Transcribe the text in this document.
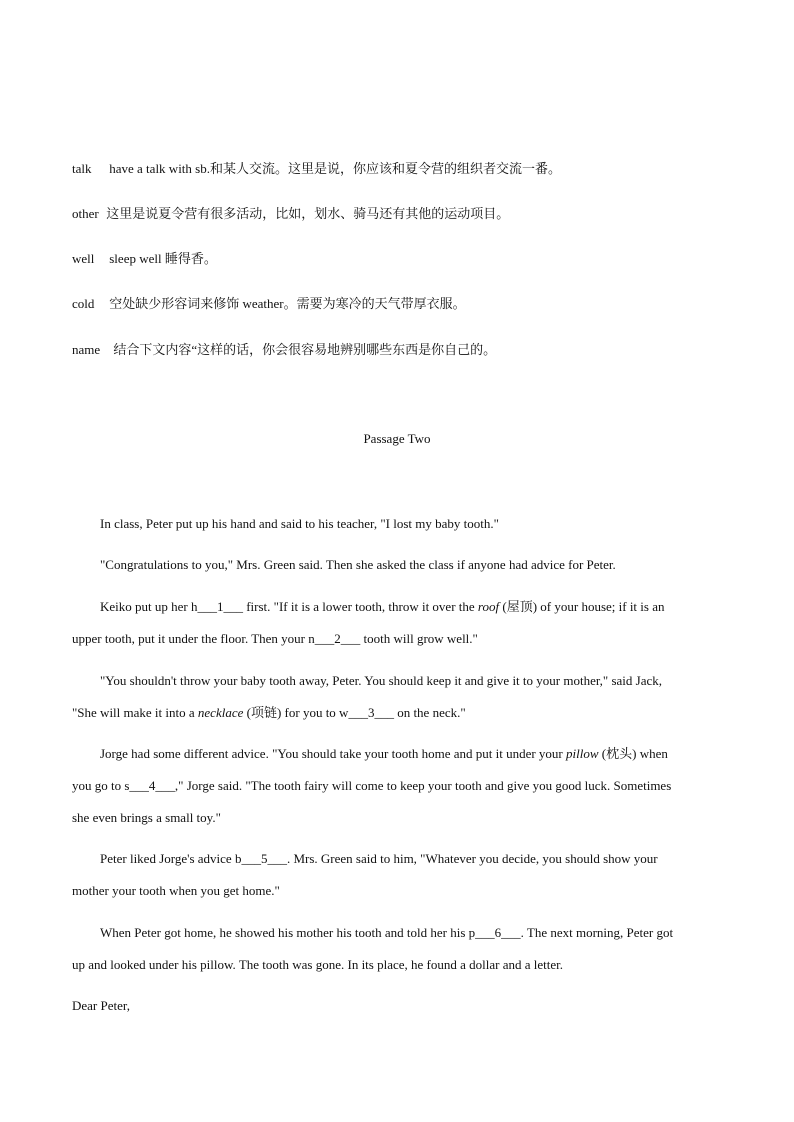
talk have a talk with sb.和某人交流。这里是说，你应该和夏令营的组织者交流一番。
other 这里是说夏令营有很多活动，比如，划水、骑马还有其他的运动项目。
well sleep well 睡得香。
cold 空处缺少形容词来修饰 weather。需要为寒冷的天气带厚衣服。
name 结合下文内容“这样的话，你会很容易地辨别哪些东西是你自己的。
Passage Two
In class, Peter put up his hand and said to his teacher, "I lost my baby tooth."
"Congratulations to you," Mrs. Green said. Then she asked the class if anyone had advice for Peter.
Keiko put up her h___1___ first. "If it is a lower tooth, throw it over the roof (屋顶) of your house; if it is an
upper tooth, put it under the floor. Then your n___2___ tooth will grow well."
"You shouldn't throw your baby tooth away, Peter. You should keep it and give it to your mother," said Jack,
"She will make it into a necklace (项链) for you to w___3___ on the neck."
Jorge had some different advice. "You should take your tooth home and put it under your pillow (枕头) when
you go to s___4___," Jorge said. "The tooth fairy will come to keep your tooth and give you good luck. Sometimes
she even brings a small toy."
Peter liked Jorge's advice b___5___. Mrs. Green said to him, "Whatever you decide, you should show your
mother your tooth when you get home."
When Peter got home, he showed his mother his tooth and told her his p___6___. The next morning, Peter got
up and looked under his pillow. The tooth was gone. In its place, he found a dollar and a letter.
Dear Peter,
